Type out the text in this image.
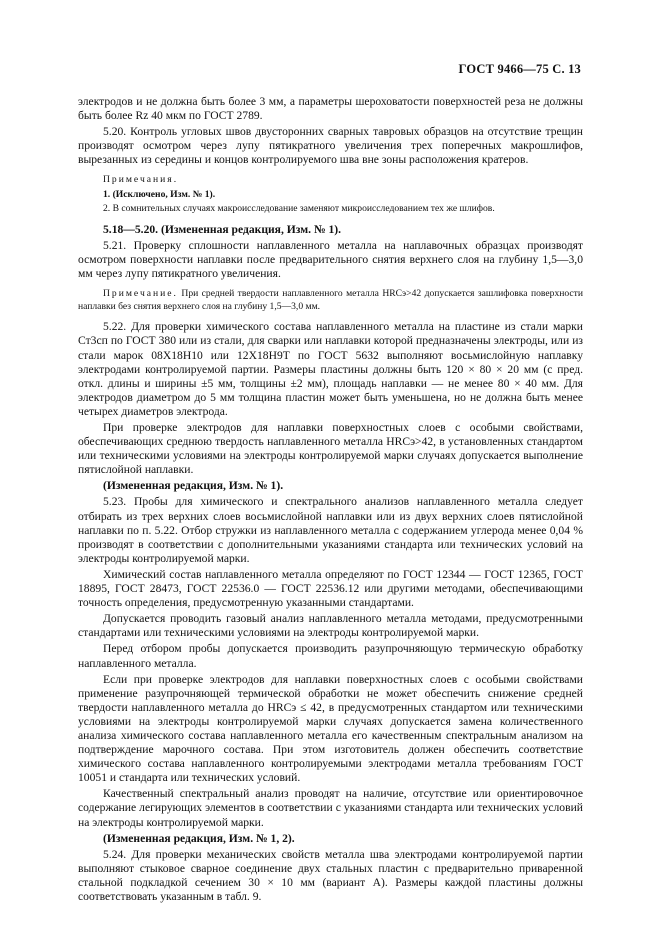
ГОСТ 9466—75 С. 13

электродов и не должна быть более 3 мм, а параметры шероховатости поверхностей реза не должны быть более Rz 40 мкм по ГОСТ 2789.

5.20. Контроль угловых швов двусторонних сварных тавровых образцов на отсутствие трещин производят осмотром через лупу пятикратного увеличения трех поперечных макрошлифов, вырезанных из середины и концов контролируемого шва вне зоны расположения кратеров.

Примечания.

1. (Исключено, Изм. № 1).

2. В сомнительных случаях макроисследование заменяют микроисследованием тех же шлифов.

5.18—5.20. (Измененная редакция, Изм. № 1).

5.21. Проверку сплошности наплавленного металла на наплавочных образцах производят осмотром поверхности наплавки после предварительного снятия верхнего слоя на глубину 1,5—3,0 мм через лупу пятикратного увеличения.

Примечание. При средней твердости наплавленного металла HRCэ>42 допускается зашлифовка поверхности наплавки без снятия верхнего слоя на глубину 1,5—3,0 мм.

5.22. Для проверки химического состава наплавленного металла на пластине из стали марки Ст3сп по ГОСТ 380 или из стали, для сварки или наплавки которой предназначены электроды, или из стали марок 08Х18Н10 или 12Х18Н9Т по ГОСТ 5632 выполняют восьмислойную наплавку электродами контролируемой партии. Размеры пластины должны быть 120 × 80 × 20 мм (с пред. откл. длины и ширины ±5 мм, толщины ±2 мм), площадь наплавки — не менее 80 × 40 мм. Для электродов диаметром до 5 мм толщина пластин может быть уменьшена, но не должна быть менее четырех диаметров электрода.

При проверке электродов для наплавки поверхностных слоев с особыми свойствами, обеспечивающих среднюю твердость наплавленного металла HRCэ>42, в установленных стандартом или техническими условиями на электроды контролируемой марки случаях допускается выполнение пятислойной наплавки.

(Измененная редакция, Изм. № 1).

5.23. Пробы для химического и спектрального анализов наплавленного металла следует отбирать из трех верхних слоев восьмислойной наплавки или из двух верхних слоев пятислойной наплавки по п. 5.22. Отбор стружки из наплавленного металла с содержанием углерода менее 0,04 % производят в соответствии с дополнительными указаниями стандарта или технических условий на электроды контролируемой марки.

Химический состав наплавленного металла определяют по ГОСТ 12344 — ГОСТ 12365, ГОСТ 18895, ГОСТ 28473, ГОСТ 22536.0 — ГОСТ 22536.12 или другими методами, обеспечивающими точность определения, предусмотренную указанными стандартами.

Допускается проводить газовый анализ наплавленного металла методами, предусмотренными стандартами или техническими условиями на электроды контролируемой марки.

Перед отбором пробы допускается производить разупрочняющую термическую обработку наплавленного металла.

Если при проверке электродов для наплавки поверхностных слоев с особыми свойствами применение разупрочняющей термической обработки не может обеспечить снижение средней твердости наплавленного металла до HRCэ ≤ 42, в предусмотренных стандартом или техническими условиями на электроды контролируемой марки случаях допускается замена количественного анализа химического состава наплавленного металла его качественным спектральным анализом на подтверждение марочного состава. При этом изготовитель должен обеспечить соответствие химического состава наплавленного контролируемыми электродами металла требованиям ГОСТ 10051 и стандарта или технических условий.

Качественный спектральный анализ проводят на наличие, отсутствие или ориентировочное содержание легирующих элементов в соответствии с указаниями стандарта или технических условий на электроды контролируемой марки.

(Измененная редакция, Изм. № 1, 2).

5.24. Для проверки механических свойств металла шва электродами контролируемой партии выполняют стыковое сварное соединение двух стальных пластин с предварительно приваренной стальной подкладкой сечением 30 × 10 мм (вариант А). Размеры каждой пластины должны соответствовать указанным в табл. 9.
